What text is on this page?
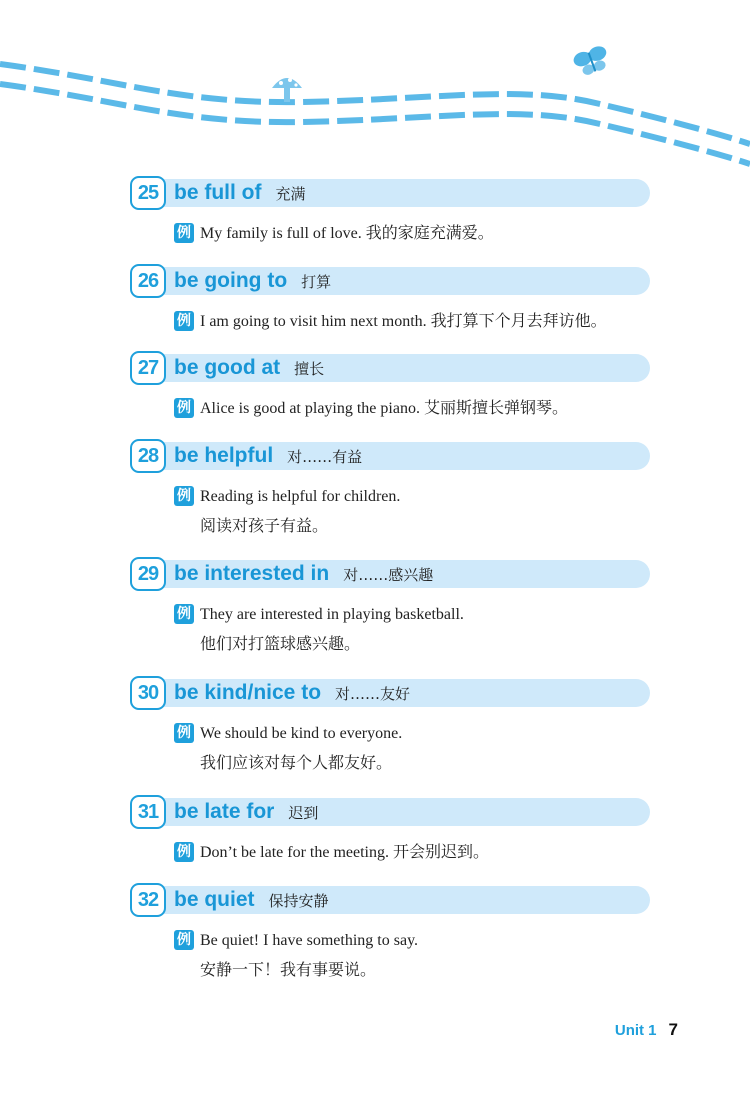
25 be full of 充满
例 My family is full of love. 我的家庭充满爱。
26 be going to 打算
例 I am going to visit him next month. 我打算下个月去拜访他。
27 be good at 擅长
例 Alice is good at playing the piano. 艾丽斯擅长弹钢琴。
28 be helpful 对……有益
例 Reading is helpful for children.
阅读对孩子有益。
29 be interested in 对……感兴趣
例 They are interested in playing basketball.
他们对打篮球感兴趣。
30 be kind/nice to 对……友好
例 We should be kind to everyone.
我们应该对每个人都友好。
31 be late for 迟到
例 Don’t be late for the meeting. 开会别迟到。
32 be quiet 保持安静
例 Be quiet! I have something to say.
安静一下！我有事要说。
Unit 1 7
